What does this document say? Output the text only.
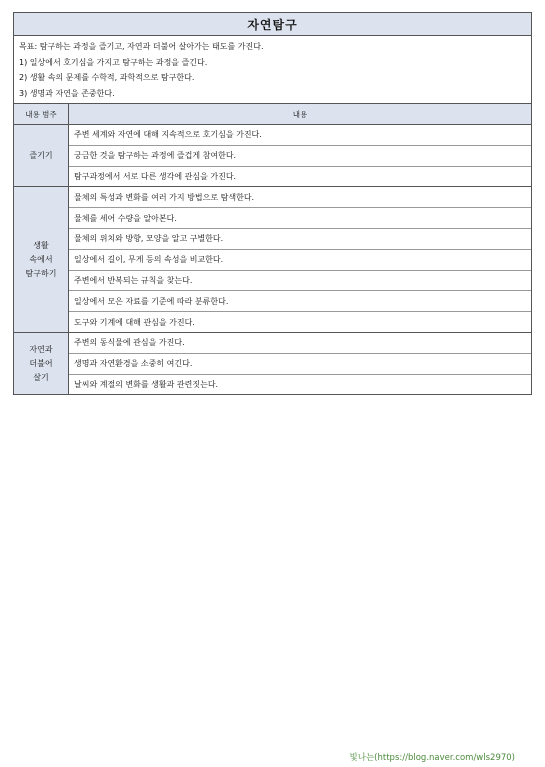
자연탐구
목표: 탐구하는 과정을 즐기고, 자연과 더불어 살아가는 태도를 가진다.
1) 일상에서 호기심을 가지고 탐구하는 과정을 즐긴다.
2) 생활 속의 문제를 수학적, 과학적으로 탐구한다.
3) 생명과 자연을 존중한다.
내용 범주	내용
즐기기	주변 세계와 자연에 대해 지속적으로 호기심을 가진다.
	궁금한 것을 탐구하는 과정에 즐겁게 참여한다.
	탐구과정에서 서로 다른 생각에 관심을 가진다.
생활 속에서 탐구하기	물체의 특성과 변화를 여러 가지 방법으로 탐색한다.
	물체를 세어 수량을 알아본다.
	물체의 위치와 방향, 모양을 알고 구별한다.
	일상에서 길이, 무게 등의 속성을 비교한다.
	주변에서 반복되는 규칙을 찾는다.
	일상에서 모은 자료를 기준에 따라 분류한다.
	도구와 기계에 대해 관심을 가진다.
자연과 더불어 살기	주변의 동식물에 관심을 가진다.
	생명과 자연환경을 소중히 여긴다.
	날씨와 계절의 변화를 생활과 관련짓는다.
빛나는(https://blog.naver.com/wls2970)
